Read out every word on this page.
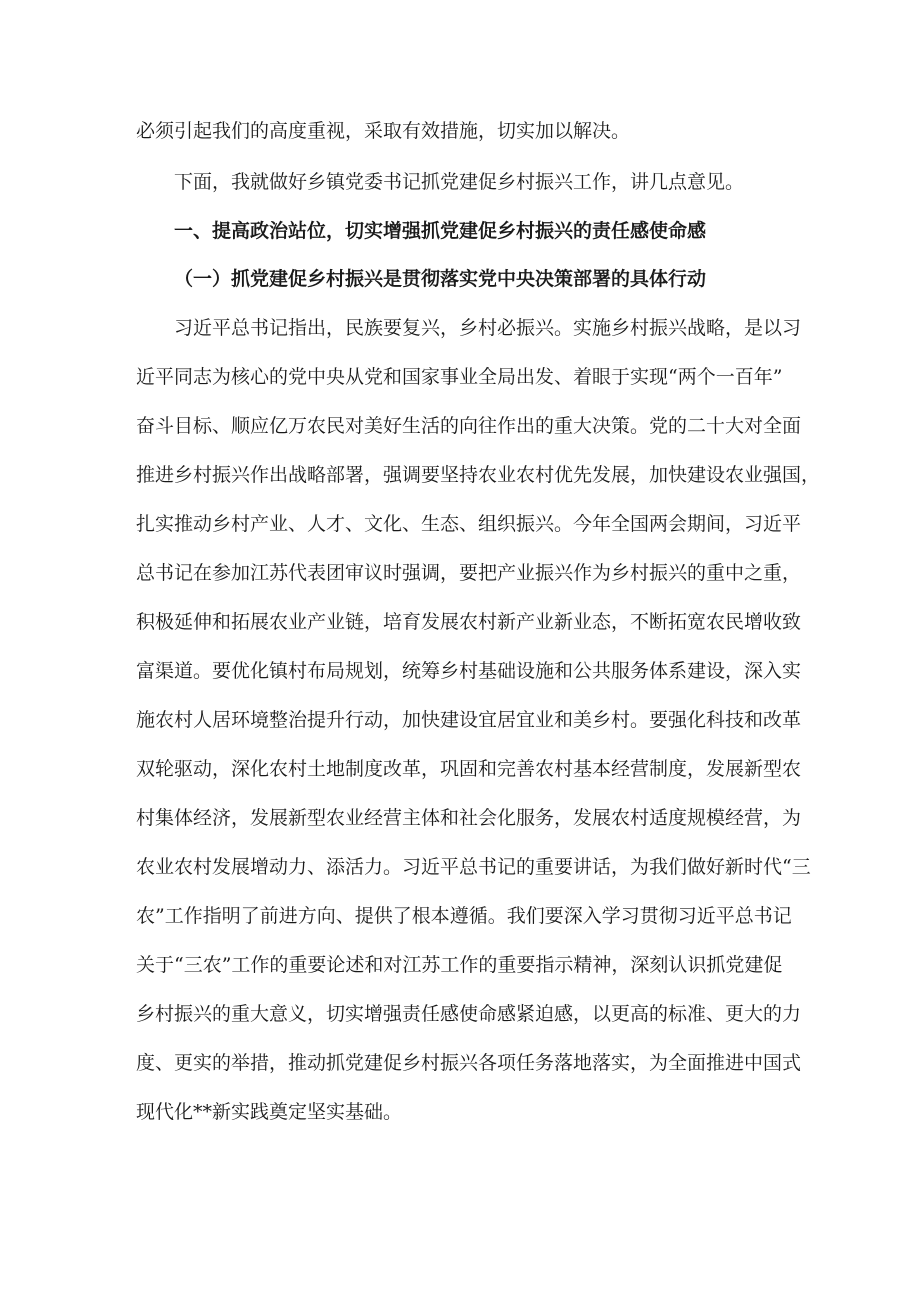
必须引起我们的高度重视，采取有效措施，切实加以解决。
下面，我就做好乡镇党委书记抓党建促乡村振兴工作，讲几点意见。
一、提高政治站位，切实增强抓党建促乡村振兴的责任感使命感
（一）抓党建促乡村振兴是贯彻落实党中央决策部署的具体行动
习近平总书记指出，民族要复兴，乡村必振兴。实施乡村振兴战略，是以习
近平同志为核心的党中央从党和国家事业全局出发、着眼于实现“两个一百年”
奋斗目标、顺应亿万农民对美好生活的向往作出的重大决策。党的二十大对全面
推进乡村振兴作出战略部署，强调要坚持农业农村优先发展，加快建设农业强国，
扎实推动乡村产业、人才、文化、生态、组织振兴。今年全国两会期间，习近平
总书记在参加江苏代表团审议时强调，要把产业振兴作为乡村振兴的重中之重，
积极延伸和拓展农业产业链，培育发展农村新产业新业态，不断拓宽农民增收致
富渠道。要优化镇村布局规划，统筹乡村基础设施和公共服务体系建设，深入实
施农村人居环境整治提升行动，加快建设宜居宜业和美乡村。要强化科技和改革
双轮驱动，深化农村土地制度改革，巩固和完善农村基本经营制度，发展新型农
村集体经济，发展新型农业经营主体和社会化服务，发展农村适度规模经营，为
农业农村发展增动力、添活力。习近平总书记的重要讲话，为我们做好新时代“三
农”工作指明了前进方向、提供了根本遵循。我们要深入学习贯彻习近平总书记
关于“三农”工作的重要论述和对江苏工作的重要指示精神，深刻认识抓党建促
乡村振兴的重大意义，切实增强责任感使命感紧迫感，以更高的标准、更大的力
度、更实的举措，推动抓党建促乡村振兴各项任务落地落实，为全面推进中国式
现代化**新实践奠定坚实基础。
